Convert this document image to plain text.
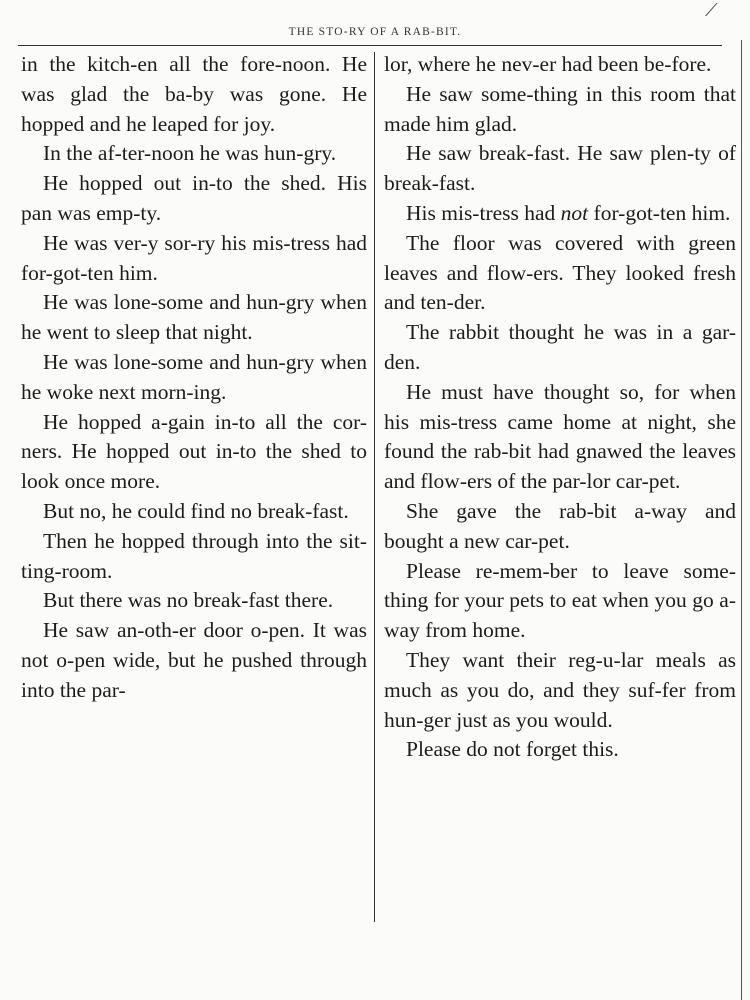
⟋
THE STO-RY OF A RAB-BIT.

in the kitch-en all the fore-noon. He was glad the ba-by was gone. He hopped and he leaped for joy.

In the af-ter-noon he was hun-gry.

He hopped out in-to the shed. His pan was emp-ty.

He was ver-y sor-ry his mis-tress had for-got-ten him.

He was lone-some and hun-gry when he went to sleep that night.

He was lone-some and hun-gry when he woke next morn-ing.

He hopped a-gain in-to all the cor-ners. He hopped out in-to the shed to look once more.

But no, he could find no break-fast.

Then he hopped through into the sit-ting-room.

But there was no break-fast there.

He saw an-oth-er door o-pen. It was not o-pen wide, but he pushed through into the par-

lor, where he nev-er had been be-fore.

He saw some-thing in this room that made him glad.

He saw break-fast. He saw plen-ty of break-fast.

His mis-tress had not for-got-ten him.

The floor was covered with green leaves and flow-ers. They looked fresh and ten-der.

The rabbit thought he was in a gar-den.

He must have thought so, for when his mis-tress came home at night, she found the rab-bit had gnawed the leaves and flow-ers of the par-lor car-pet.

She gave the rab-bit a-way and bought a new car-pet.

Please re-mem-ber to leave some-thing for your pets to eat when you go a-way from home.

They want their reg-u-lar meals as much as you do, and they suf-fer from hun-ger just as you would.

Please do not forget this.
